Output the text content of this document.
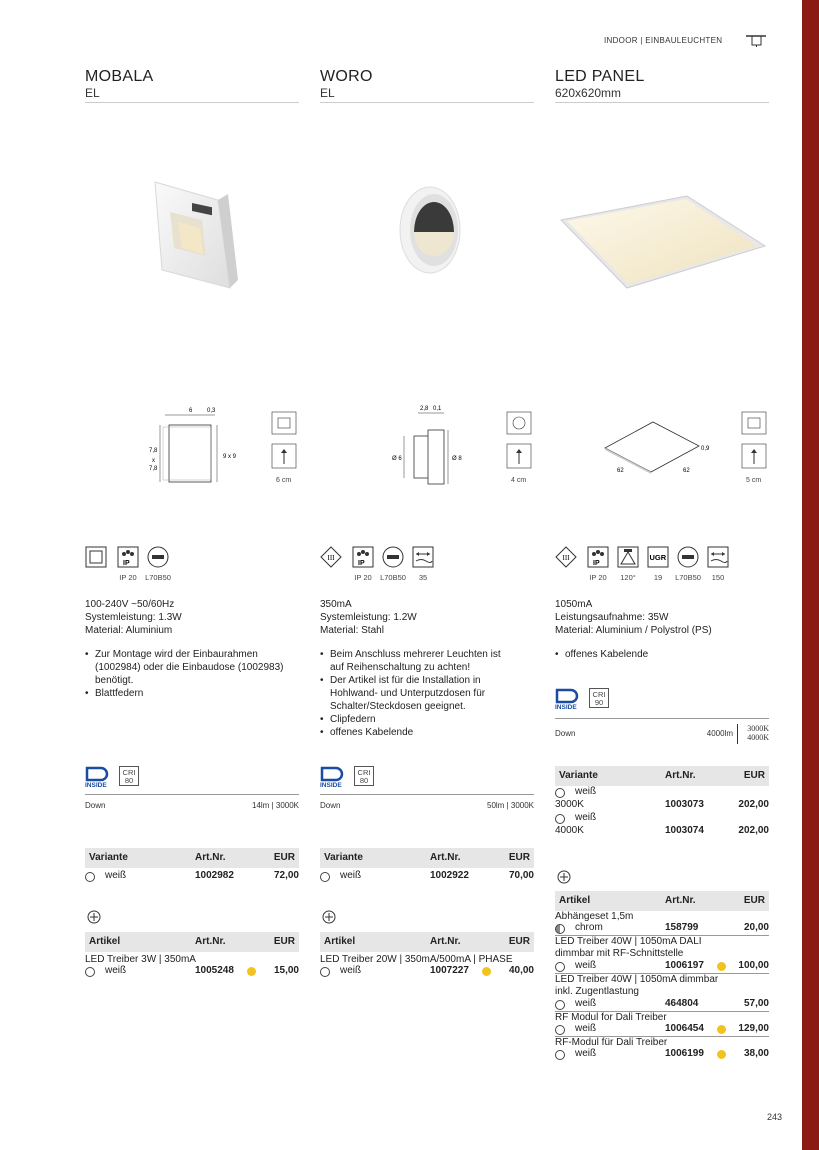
INDOOR | EINBAULEUCHTEN
MOBALA
EL
6 0,3
9 x 9
7,8
x
7,8
6 cm
IP
IP 20	L70B50
100-240V ~50/60Hz
Systemleistung: 1.3W
Material: Aluminium
• Zur Montage wird der Einbaurahmen (1002984) oder die Einbaudose (1002983) benötigt.
• Blattfedern
INSIDE
CRI
80
Down	14lm | 3000K
Variante	Art.Nr.	EUR
weiß	1002982	72,00
Artikel	Art.Nr.	EUR
LED Treiber 3W | 350mA
weiß	1005248	15,00
WORO
EL
2,8 0,1
Ø 6	Ø 8
4 cm
III
IP
IP 20	L70B50	35
350mA
Systemleistung: 1.2W
Material: Stahl
• Beim Anschluss mehrerer Leuchten ist auf Reihenschaltung zu achten!
• Der Artikel ist für die Installation in Hohlwand- und Unterputzdosen für Schalter/Steckdosen geeignet.
• Clipfedern
• offenes Kabelende
INSIDE
CRI
80
Down	50lm | 3000K
Variante	Art.Nr.	EUR
weiß	1002922	70,00
Artikel	Art.Nr.	EUR
LED Treiber 20W | 350mA/500mA | PHASE
weiß	1007227	40,00
LED PANEL
620x620mm
62	62
0,9
5 cm
III
IP
UGR
IP 20	120°	19	L70B50	150
1050mA
Leistungsaufnahme: 35W
Material: Aluminium / Polystrol (PS)
• offenes Kabelende
INSIDE
CRI
90
Down	4000lm
3000K
4000K
Variante	Art.Nr.	EUR
weiß
3000K	1003073	202,00
weiß
4000K	1003074	202,00
Artikel	Art.Nr.	EUR
Abhängeset 1,5m
chrom	158799	20,00
LED Treiber 40W | 1050mA DALI dimmbar mit RF-Schnittstelle
weiß	1006197	100,00
LED Treiber 40W | 1050mA dimmbar inkl. Zugentlastung
weiß	464804	57,00
RF Modul for Dali Treiber
weiß	1006454	129,00
RF-Modul für Dali Treiber
weiß	1006199	38,00
243
